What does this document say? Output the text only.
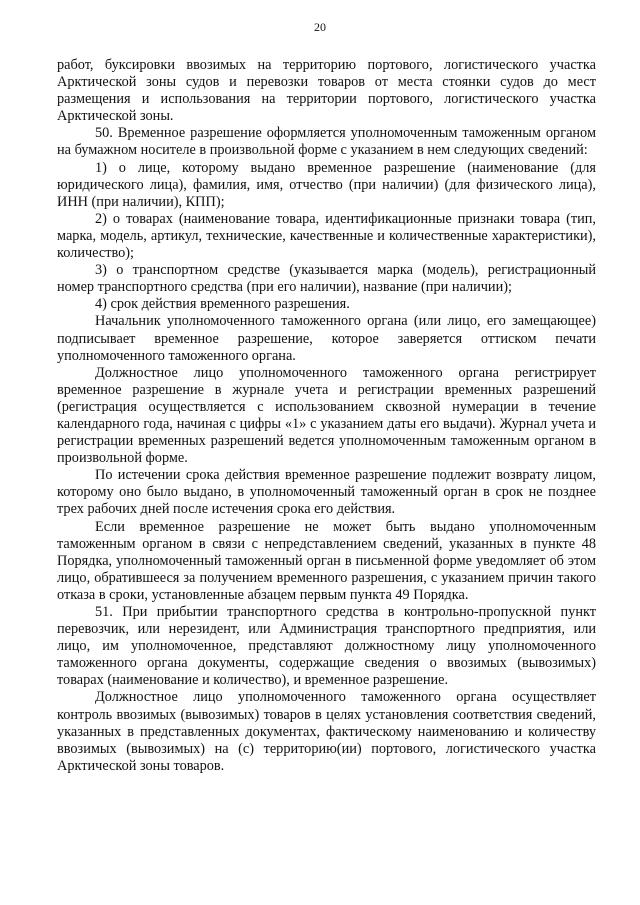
20

работ, буксировки ввозимых на территорию портового, логистического участка Арктической зоны судов и перевозки товаров от места стоянки судов до мест размещения и использования на территории портового, логистического участка Арктической зоны.

50. Временное разрешение оформляется уполномоченным таможенным органом на бумажном носителе в произвольной форме с указанием в нем следующих сведений:

1) о лице, которому выдано временное разрешение (наименование (для юридического лица), фамилия, имя, отчество (при наличии) (для физического лица), ИНН (при наличии), КПП);

2) о товарах (наименование товара, идентификационные признаки товара (тип, марка, модель, артикул, технические, качественные и количественные характеристики), количество);

3) о транспортном средстве (указывается марка (модель), регистрационный номер транспортного средства (при его наличии), название (при наличии);

4) срок действия временного разрешения.

Начальник уполномоченного таможенного органа (или лицо, его замещающее) подписывает временное разрешение, которое заверяется оттиском печати уполномоченного таможенного органа.

Должностное лицо уполномоченного таможенного органа регистрирует временное разрешение в журнале учета и регистрации временных разрешений (регистрация осуществляется с использованием сквозной нумерации в течение календарного года, начиная с цифры «1» с указанием даты его выдачи). Журнал учета и регистрации временных разрешений ведется уполномоченным таможенным органом в произвольной форме.

По истечении срока действия временное разрешение подлежит возврату лицом, которому оно было выдано, в уполномоченный таможенный орган в срок не позднее трех рабочих дней после истечения срока его действия.

Если временное разрешение не может быть выдано уполномоченным таможенным органом в связи с непредставлением сведений, указанных в пункте 48 Порядка, уполномоченный таможенный орган в письменной форме уведомляет об этом лицо, обратившееся за получением временного разрешения, с указанием причин такого отказа в сроки, установленные абзацем первым пункта 49 Порядка.

51. При прибытии транспортного средства в контрольно-пропускной пункт перевозчик, или нерезидент, или Администрация транспортного предприятия, или лицо, им уполномоченное, представляют должностному лицу уполномоченного таможенного органа документы, содержащие сведения о ввозимых (вывозимых) товарах (наименование и количество), и временное разрешение.

Должностное лицо уполномоченного таможенного органа осуществляет контроль ввозимых (вывозимых) товаров в целях установления соответствия сведений, указанных в представленных документах, фактическому наименованию и количеству ввозимых (вывозимых) на (с) территорию(ии) портового, логистического участка Арктической зоны товаров.
